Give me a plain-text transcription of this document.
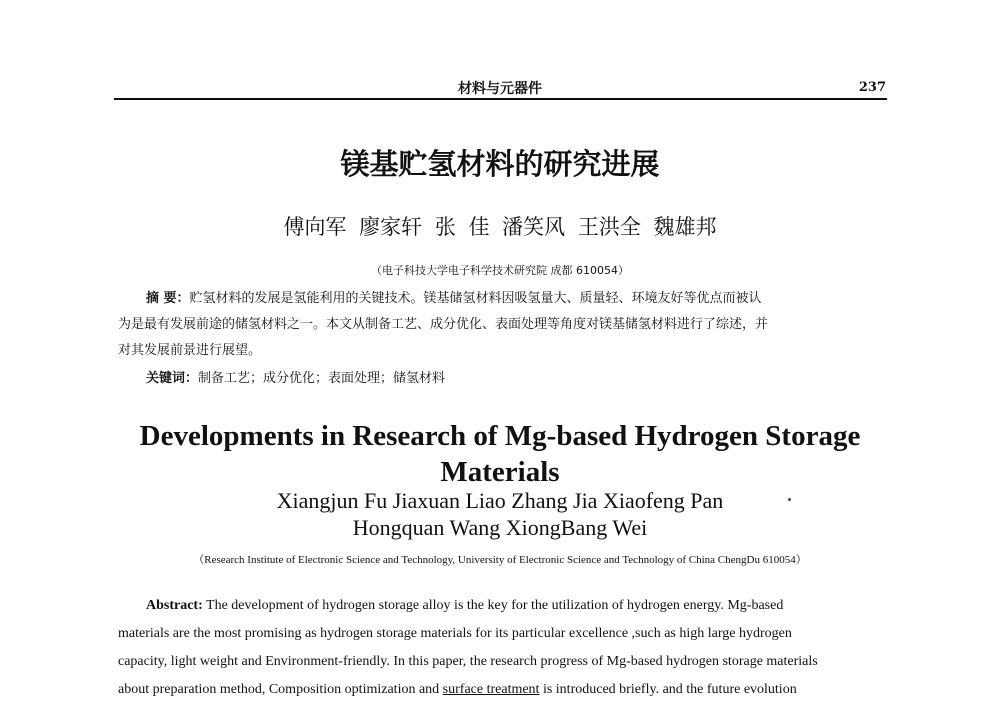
材料与元器件	237
镁基贮氢材料的研究进展
傅向军 廖家轩 张 佳 潘笑风 王洪全 魏雄邦
（电子科技大学电子科学技术研究院 成都 610054）
摘 要：贮氢材料的发展是氢能利用的关键技术。镁基储氢材料因吸氢量大、质量轻、环境友好等优点而被认
为是最有发展前途的储氢材料之一。本文从制备工艺、成分优化、表面处理等角度对镁基储氢材料进行了综述，并
对其发展前景进行展望。
关键词：制备工艺；成分优化；表面处理；储氢材料
Developments in Research of Mg-based Hydrogen Storage
Materials
Xiangjun Fu Jiaxuan Liao Zhang Jia Xiaofeng Pan
Hongquan Wang XiongBang Wei
（Research Institute of Electronic Science and Technology, University of Electronic Science and Technology of China ChengDu 610054）
Abstract: The development of hydrogen storage alloy is the key for the utilization of hydrogen energy. Mg-based
materials are the most promising as hydrogen storage materials for its particular excellence ,such as high large hydrogen
capacity, light weight and Environment-friendly. In this paper, the research progress of Mg-based hydrogen storage materials
about preparation method, Composition optimization and surface treatment is introduced briefly. and the future evolution
